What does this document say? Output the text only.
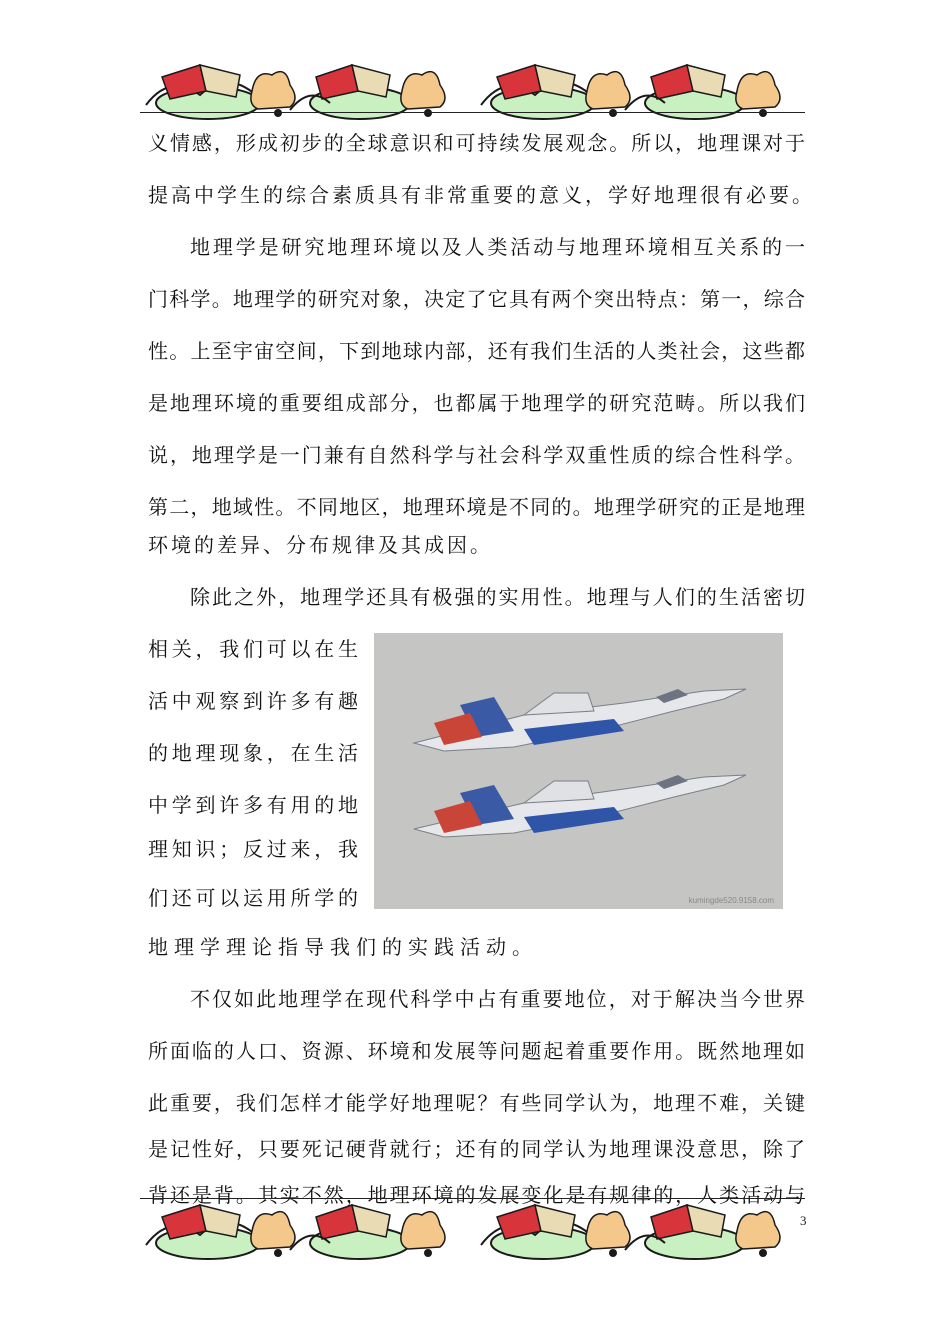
义情感，形成初步的全球意识和可持续发展观念。所以，地理课对于
提高中学生的综合素质具有非常重要的意义，学好地理很有必要。
地理学是研究地理环境以及人类活动与地理环境相互关系的一
门科学。地理学的研究对象，决定了它具有两个突出特点：第一，综合
性。上至宇宙空间，下到地球内部，还有我们生活的人类社会，这些都
是地理环境的重要组成部分，也都属于地理学的研究范畴。所以我们
说，地理学是一门兼有自然科学与社会科学双重性质的综合性科学。
第二，地域性。不同地区，地理环境是不同的。地理学研究的正是地理
环境的差异、分布规律及其成因。
除此之外，地理学还具有极强的实用性。地理与人们的生活密切
相关，我们可以在生
活中观察到许多有趣
的地理现象，在生活
中学到许多有用的地
理知识；反过来，我
们还可以运用所学的
地理学理论指导我们的实践活动。
不仅如此地理学在现代科学中占有重要地位，对于解决当今世界
所面临的人口、资源、环境和发展等问题起着重要作用。既然地理如
此重要，我们怎样才能学好地理呢？有些同学认为，地理不难，关键
是记性好，只要死记硬背就行；还有的同学认为地理课没意思，除了
背还是背。其实不然，地理环境的发展变化是有规律的，人类活动与
kumingde520.9158.com
3
